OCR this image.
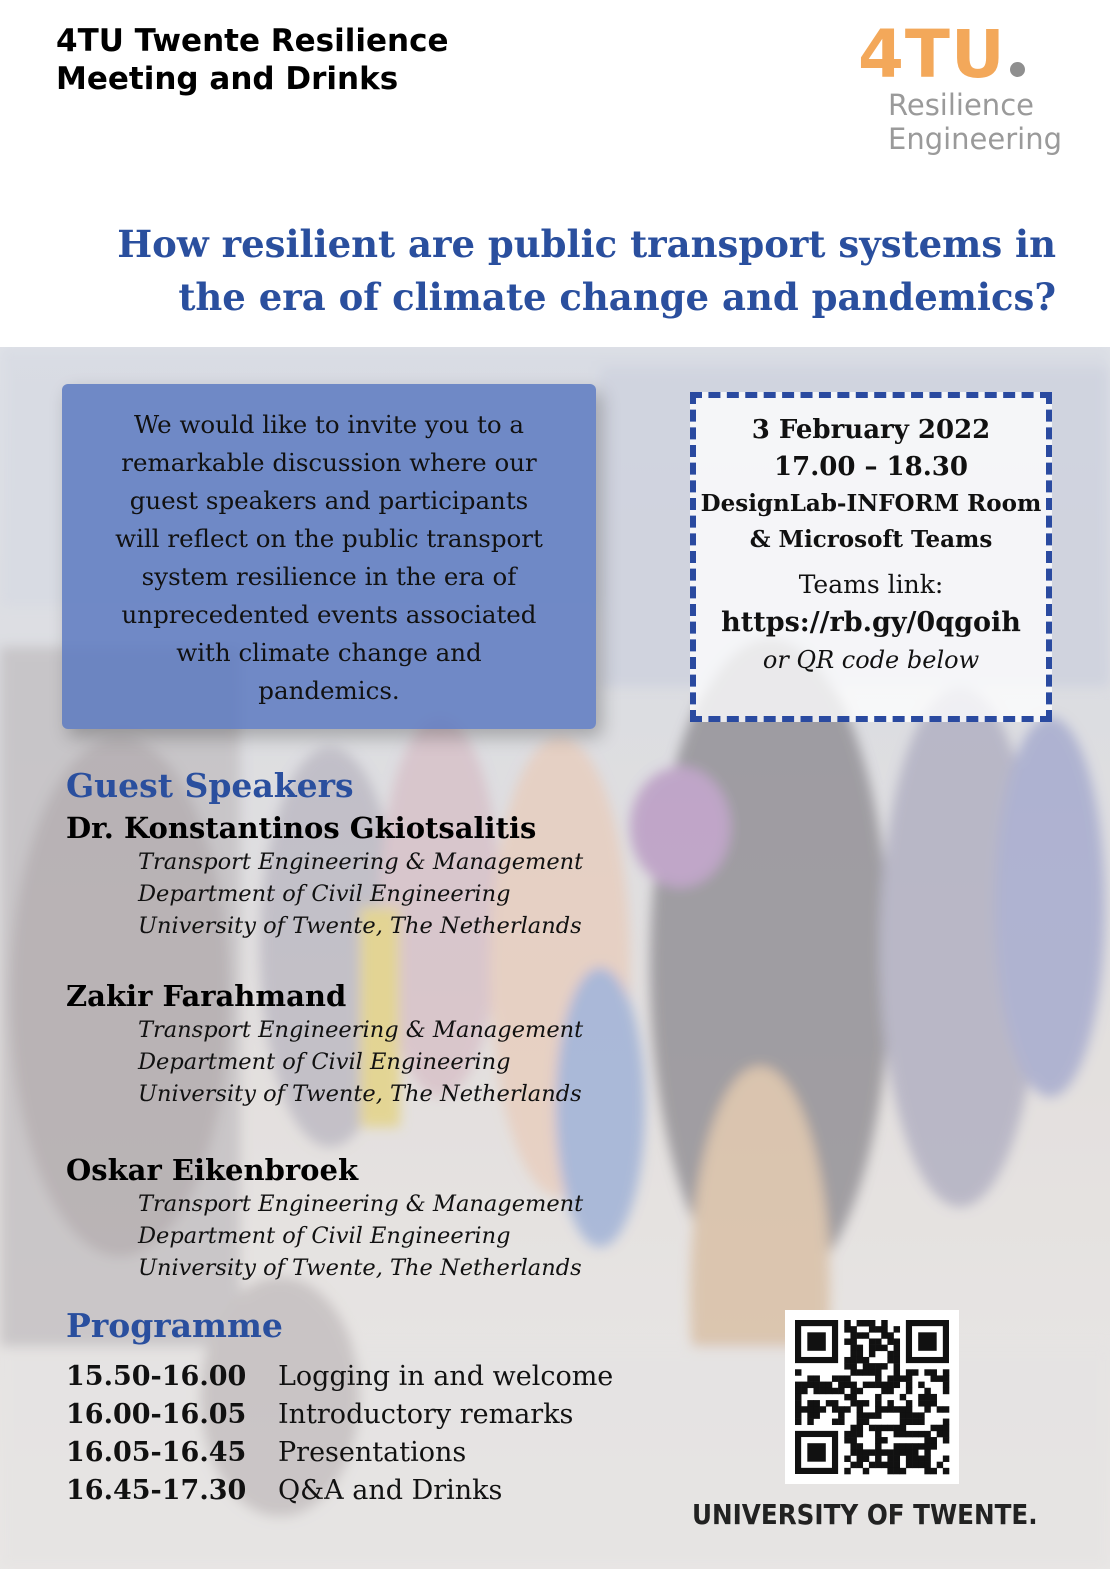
4TU Twente Resilience
Meeting and Drinks	4TU
Resilience
Engineering
How resilient are public transport systems in
the era of climate change and pandemics?
We would like to invite you to a
remarkable discussion where our
guest speakers and participants
will reflect on the public transport
system resilience in the era of
unprecedented events associated
with climate change and
pandemics.
3 February 2022
17.00 – 18.30
DesignLab-INFORM Room
& Microsoft Teams
Teams link:
https://rb.gy/0qgoih
or QR code below
Guest Speakers
Dr. Konstantinos Gkiotsalitis
Transport Engineering & Management
Department of Civil Engineering
University of Twente, The Netherlands
Zakir Farahmand
Transport Engineering & Management
Department of Civil Engineering
University of Twente, The Netherlands
Oskar Eikenbroek
Transport Engineering & Management
Department of Civil Engineering
University of Twente, The Netherlands
Programme
15.50-16.00 Logging in and welcome
16.00-16.05 Introductory remarks
16.05-16.45 Presentations
16.45-17.30 Q&A and Drinks
UNIVERSITY OF TWENTE.
